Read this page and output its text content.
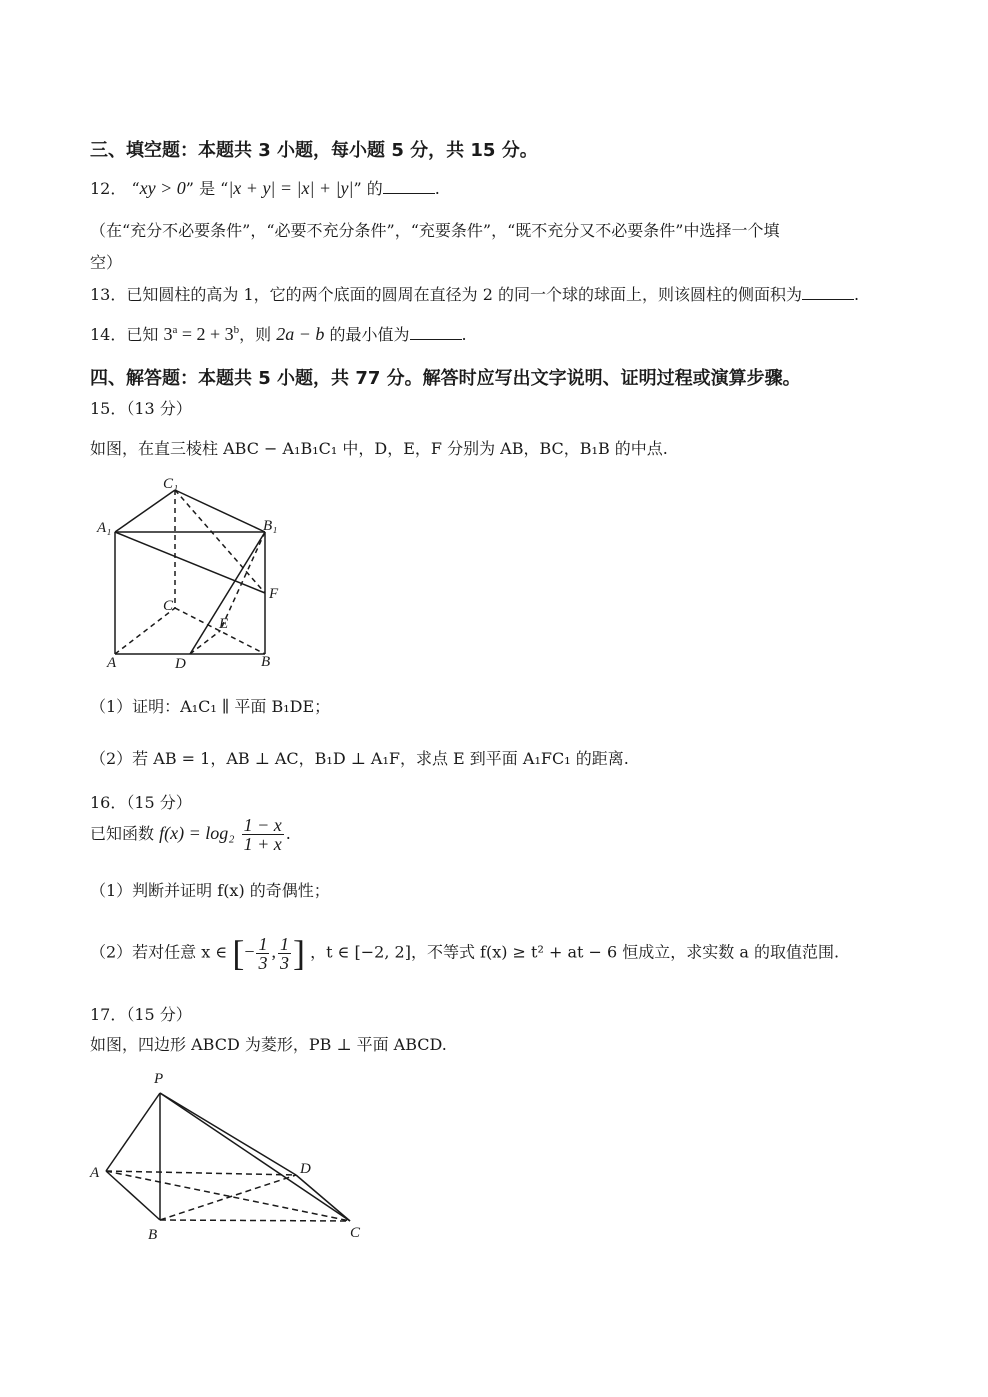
三、填空题：本题共 3 小题，每小题 5 分，共 15 分。
12． “xy > 0” 是 “|x + y| = |x| + |y|” 的	.
（在“充分不必要条件”，“必要不充分条件”，“充要条件”，“既不充分又不必要条件”中选择一个填
空）
13．已知圆柱的高为 1，它的两个底面的圆周在直径为 2 的同一个球的球面上，则该圆柱的侧面积为	.
14．已知 $3^a = 2 + 3^b$，则 2a − b 的最小值为	.
四、解答题：本题共 5 小题，共 77 分。解答时应写出文字说明、证明过程或演算步骤。
15．（13 分）
如图，在直三棱柱 ABC − A₁B₁C₁ 中，D，E，F 分别为 AB，BC，B₁B 的中点.
C₁
A₁	B₁
F
C
E
A	D	B
（1）证明：A₁C₁ ∥ 平面 B₁DE；
（2）若 AB = 1，AB ⊥ AC，B₁D ⊥ A₁F，求点 E 到平面 A₁FC₁ 的距离.
16．（15 分）
已知函数 $f(x) = \log_2 \frac{1 - x}{1 + x}$ .
（1）判断并证明 f(x) 的奇偶性；
（2）若对任意 x ∈ [− $\frac{1}{3}$ , $\frac{1}{3}$ ] ，t ∈ [−2, 2]，不等式 f(x) ≥ t² + at − 6 恒成立，求实数 a 的取值范围.
17．（15 分）
如图，四边形 ABCD 为菱形，PB ⊥ 平面 ABCD.
P
A	D
B	C
